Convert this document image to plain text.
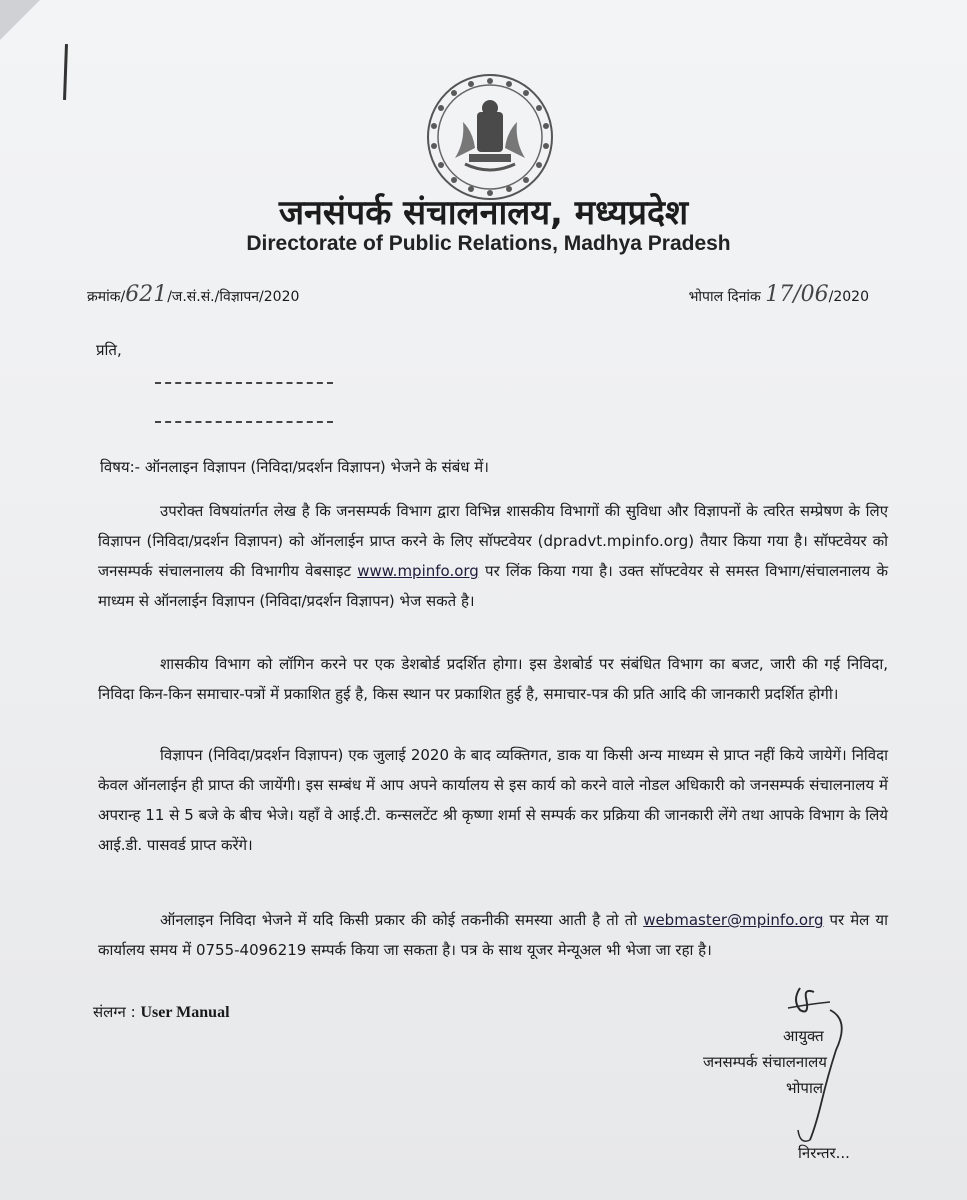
जनसंपर्क संचालनालय, मध्यप्रदेश
Directorate of Public Relations, Madhya Pradesh
क्रमांक/621/ज.सं.सं./विज्ञापन/2020	भोपाल दिनांक 17/06/2020
प्रति,
विषय:- ऑनलाइन विज्ञापन (निविदा/प्रदर्शन विज्ञापन) भेजने के संबंध में।

उपरोक्त विषयांतर्गत लेख है कि जनसम्पर्क विभाग द्वारा विभिन्न शासकीय विभागों की सुविधा और विज्ञापनों के त्वरित सम्प्रेषण के लिए विज्ञापन (निविदा/प्रदर्शन विज्ञापन) को ऑनलाईन प्राप्त करने के लिए सॉफ्टवेयर (dpradvt.mpinfo.org) तैयार किया गया है। सॉफ्टवेयर को जनसम्पर्क संचालनालय की विभागीय वेबसाइट www.mpinfo.org पर लिंक किया गया है। उक्त सॉफ्टवेयर से समस्त विभाग/संचालनालय के माध्यम से ऑनलाईन विज्ञापन (निविदा/प्रदर्शन विज्ञापन) भेज सकते है।

शासकीय विभाग को लॉगिन करने पर एक डेशबोर्ड प्रदर्शित होगा। इस डेशबोर्ड पर संबंधित विभाग का बजट, जारी की गई निविदा, निविदा किन-किन समाचार-पत्रों में प्रकाशित हुई है, किस स्थान पर प्रकाशित हुई है, समाचार-पत्र की प्रति आदि की जानकारी प्रदर्शित होगी।

विज्ञापन (निविदा/प्रदर्शन विज्ञापन) एक जुलाई 2020 के बाद व्यक्तिगत, डाक या किसी अन्य माध्यम से प्राप्त नहीं किये जायेगें। निविदा केवल ऑनलाईन ही प्राप्त की जायेंगी। इस सम्बंध में आप अपने कार्यालय से इस कार्य को करने वाले नोडल अधिकारी को जनसम्पर्क संचालनालय में अपरान्ह 11 से 5 बजे के बीच भेजे। यहाँ वे आई.टी. कन्सलटेंट श्री कृष्णा शर्मा से सम्पर्क कर प्रक्रिया की जानकारी लेंगे तथा आपके विभाग के लिये आई.डी. पासवर्ड प्राप्त करेंगे।

ऑनलाइन निविदा भेजने में यदि किसी प्रकार की कोई तकनीकी समस्या आती है तो तो webmaster@mpinfo.org पर मेल या कार्यालय समय में 0755-4096219 सम्पर्क किया जा सकता है। पत्र के साथ यूजर मेन्यूअल भी भेजा जा रहा है।

संलग्न : User Manual
आयुक्त
जनसम्पर्क संचालनालय
भोपाल
निरन्तर...
